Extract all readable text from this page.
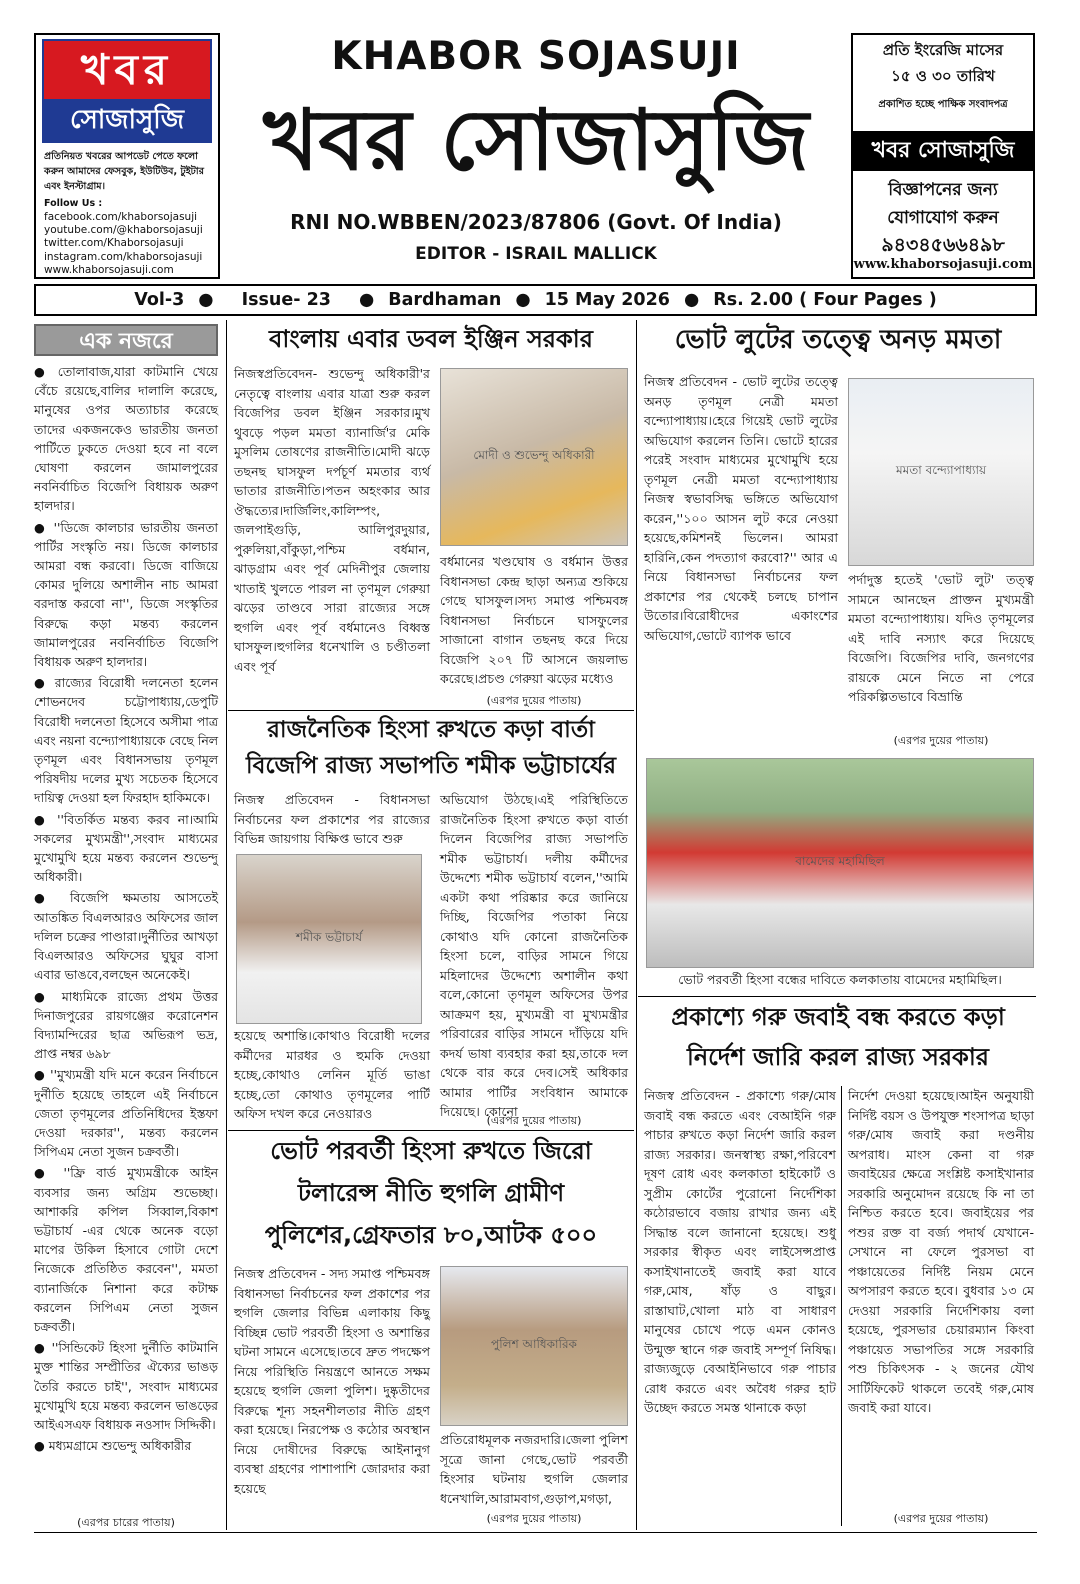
খবর
সোজাসুজি
প্রতিনিয়ত খবরের আপডেট পেতে ফলো করুন আমাদের ফেসবুক, ইউটিউব, টুইটার এবং ইনস্টাগ্রাম।
Follow Us :
facebook.com/khaborsojasuji
youtube.com/@khaborsojasuji
twitter.com/Khaborsojasuji
instagram.com/khaborsojasuji
www.khaborsojasuji.com
KHABOR SOJASUJI
খবর সোজাসুজি
RNI NO.WBBEN/2023/87806 (Govt. Of India)
EDITOR - ISRAIL MALLICK
প্রতি ইংরেজি মাসের
১৫ ও ৩০ তারিখ
প্রকাশিত হচ্ছে পাক্ষিক সংবাদপত্র
খবর সোজাসুজি
বিজ্ঞাপনের জন্য
যোগাযোগ করুন
৯৪৩৪৫৬৬৪৯৮
www.khaborsojasuji.com
Vol-3 ● Issue- 23 ● Bardhaman ● 15 May 2026 ● Rs. 2.00 ( Four Pages )
এক নজরে

● তোলাবাজ,যারা কাটমানি খেয়ে বেঁচে রয়েছে,বালির দালালি করেছে, মানুষের ওপর অত্যাচার করেছে তাদের একজনকেও ভারতীয় জনতা পার্টিতে ঢুকতে দেওয়া হবে না বলে ঘোষণা করলেন জামালপুরের নবনির্বাচিত বিজেপি বিধায়ক অরুণ হালদার।

● ''ডিজে কালচার ভারতীয় জনতা পার্টির সংস্কৃতি নয়। ডিজে কালচার আমরা বন্ধ করবো। ডিজে বাজিয়ে কোমর দুলিয়ে অশালীন নাচ আমরা বরদাস্ত করবো না'', ডিজে সংস্কৃতির বিরুদ্ধে কড়া মন্তব্য করলেন জামালপুরের নবনির্বাচিত বিজেপি বিধায়ক অরুণ হালদার।

● রাজ্যের বিরোধী দলনেতা হলেন শোভনদেব চট্টোপাধ্যায়,ডেপুটি বিরোধী দলনেতা হিসেবে অসীমা পাত্র এবং নয়না বন্দ্যোপাধ্যায়কে বেছে নিল তৃণমূল এবং বিধানসভায় তৃণমূল পরিষদীয় দলের মুখ্য সচেতক হিসেবে দায়িত্ব দেওয়া হল ফিরহাদ হাকিমকে।

● ''বিতর্কিত মন্তব্য করব না।আমি সকলের মুখ্যমন্ত্রী'',সংবাদ মাধ্যমের মুখোমুখি হয়ে মন্তব্য করলেন শুভেন্দু অধিকারী।

● বিজেপি ক্ষমতায় আসতেই আতঙ্কিত বিএলআরও অফিসের জাল দলিল চক্রের পাণ্ডারা।দুর্নীতির আখড়া বিএলআরও অফিসের ঘুঘুর বাসা এবার ভাঙবে,বলছেন অনেকেই।

● মাধ্যমিকে রাজ্যে প্রথম উত্তর দিনাজপুরের রায়গঞ্জের করোনেশন বিদ্যামন্দিরের ছাত্র অভিরূপ ভদ্র, প্রাপ্ত নম্বর ৬৯৮

● ''মুখ্যমন্ত্রী যদি মনে করেন নির্বাচনে দুর্নীতি হয়েছে তাহলে এই নির্বাচনে জেতা তৃণমূলের প্রতিনিধিদের ইস্তফা দেওয়া দরকার'', মন্তব্য করলেন সিপিএম নেতা সুজন চক্রবর্তী।

● ''ফ্রি বার্ড মুখ্যমন্ত্রীকে আইন ব্যবসার জন্য অগ্রিম শুভেচ্ছা। আশাকরি কপিল সিব্বাল,বিকাশ ভট্টাচার্য -এর থেকে অনেক বড়ো মাপের উকিল হিসাবে গোটা দেশে নিজেকে প্রতিষ্ঠিত করবেন'', মমতা ব্যানার্জিকে নিশানা করে কটাক্ষ করলেন সিপিএম নেতা সুজন চক্রবর্তী।

● ''সিন্ডিকেট হিংসা দুর্নীতি কাটমানি মুক্ত শান্তির সম্প্রীতির ঐক্যের ভাঙড় তৈরি করতে চাই'', সংবাদ মাধ্যমের মুখোমুখি হয়ে মন্তব্য করলেন ভাঙড়ের আইএসএফ বিধায়ক নওসাদ সিদ্দিকী।

● মধ্যমগ্রামে শুভেন্দু অধিকারীর

(এরপর চারের পাতায়)
বাংলায় এবার ডবল ইঞ্জিন সরকার
নিজস্বপ্রতিবেদন- শুভেন্দু অধিকারী'র নেতৃত্বে বাংলায় এবার যাত্রা শুরু করল বিজেপির ডবল ইঞ্জিন সরকার।মুখ থুবড়ে পড়ল মমতা ব্যানার্জি'র মেকি মুসলিম তোষণের রাজনীতি।মোদী ঝড়ে তছনছ ঘাসফুল দর্পচূর্ণ মমতার ব্যর্থ ভাতার রাজনীতি।পতন অহংকার আর ঔদ্ধত্যের।দার্জিলিং,কালিম্পং, জলপাইগুড়ি, আলিপুরদুয়ার, পুরুলিয়া,বাঁকুড়া,পশ্চিম বর্ধমান, ঝাড়গ্রাম এবং পূর্ব মেদিনীপুর জেলায় খাতাই খুলতে পারল না তৃণমূল গেরুয়া ঝড়ের তাণ্ডবে সারা রাজ্যের সঙ্গে হুগলি এবং পূর্ব বর্ধমানেও বিধ্বস্ত ঘাসফুল।হুগলির ধনেখালি ও চণ্ডীতলা এবং পূর্ব
মোদী ও শুভেন্দু অধিকারী
বর্ধমানের খণ্ডঘোষ ও বর্ধমান উত্তর বিধানসভা কেন্দ্র ছাড়া অন্যত্র শুকিয়ে গেছে ঘাসফুল।সদ্য সমাপ্ত পশ্চিমবঙ্গ বিধানসভা নির্বাচনে ঘাসফুলের সাজানো বাগান তছনছ করে দিয়ে বিজেপি ২০৭ টি আসনে জয়লাভ করেছে।প্রচণ্ড গেরুয়া ঝড়ের মধ্যেও
(এরপর দুয়ের পাতায়)
রাজনৈতিক হিংসা রুখতে কড়া বার্তা
বিজেপি রাজ্য সভাপতি শমীক ভট্টাচার্যের
নিজস্ব প্রতিবেদন - বিধানসভা নির্বাচনের ফল প্রকাশের পর রাজ্যের বিভিন্ন জায়গায় বিক্ষিপ্ত ভাবে শুরু
শমীক ভট্টাচার্য
হয়েছে অশান্তি।কোথাও বিরোধী দলের কর্মীদের মারধর ও হুমকি দেওয়া হচ্ছে,কোথাও লেনিন মূর্তি ভাঙা হচ্ছে,তো কোথাও তৃণমূলের পার্টি অফিস দখল করে নেওয়ারও
অভিযোগ উঠছে।এই পরিস্থিতিতে রাজনৈতিক হিংসা রুখতে কড়া বার্তা দিলেন বিজেপির রাজ্য সভাপতি শমীক ভট্টাচার্য। দলীয় কর্মীদের উদ্দেশ্যে শমীক ভট্টাচার্য বলেন,''আমি একটা কথা পরিষ্কার করে জানিয়ে দিচ্ছি, বিজেপির পতাকা নিয়ে কোথাও যদি কোনো রাজনৈতিক হিংসা চলে, বাড়ির সামনে গিয়ে মহিলাদের উদ্দেশ্যে অশালীন কথা বলে,কোনো তৃণমূল অফিসের উপর আক্রমণ হয়, মুখ্যমন্ত্রী বা মুখ্যমন্ত্রীর পরিবারের বাড়ির সামনে দাঁড়িয়ে যদি কদর্য ভাষা ব্যবহার করা হয়,তাকে দল থেকে বার করে দেব।সেই অধিকার আমার পার্টির সংবিধান আমাকে দিয়েছে। কোনো
(এরপর দুয়ের পাতায়)
ভোট পরবর্তী হিংসা রুখতে জিরো
টলারেন্স নীতি হুগলি গ্রামীণ
পুলিশের,গ্রেফতার ৮০,আটক ৫০০
নিজস্ব প্রতিবেদন - সদ্য সমাপ্ত পশ্চিমবঙ্গ বিধানসভা নির্বাচনের ফল প্রকাশের পর হুগলি জেলার বিভিন্ন এলাকায় কিছু বিচ্ছিন্ন ভোট পরবর্তী হিংসা ও অশান্তির ঘটনা সামনে এসেছে।তবে দ্রুত পদক্ষেপ নিয়ে পরিস্থিতি নিয়ন্ত্রণে আনতে সক্ষম হয়েছে হুগলি জেলা পুলিশ। দুষ্কৃতীদের বিরুদ্ধে শূন্য সহনশীলতার নীতি গ্রহণ করা হয়েছে। নিরপেক্ষ ও কঠোর অবস্থান নিয়ে দোষীদের বিরুদ্ধে আইনানুগ ব্যবস্থা গ্রহণের পাশাপাশি জোরদার করা হয়েছে
পুলিশ আধিকারিক
প্রতিরোধমূলক নজরদারি।জেলা পুলিশ সূত্রে জানা গেছে,ভোট পরবর্তী হিংসার ঘটনায় হুগলি জেলার ধনেখালি,আরামবাগ,গুড়াপ,মগড়া,
(এরপর দুয়ের পাতায়)
ভোট লুটের তত্ত্বে অনড় মমতা
নিজস্ব প্রতিবেদন - ভোট লুটের তত্ত্বে অনড় তৃণমূল নেত্রী মমতা বন্দ্যোপাধ্যায়।হেরে গিয়েই ভোট লুটের অভিযোগ করলেন তিনি। ভোটে হারের পরেই সংবাদ মাধ্যমের মুখোমুখি হয়ে তৃণমূল নেত্রী মমতা বন্দ্যোপাধ্যায় নিজস্ব স্বভাবসিদ্ধ ভঙ্গিতে অভিযোগ করেন,''১০০ আসন লুট করে নেওয়া হয়েছে,কমিশনই ভিলেন। আমরা হারিনি,কেন পদত্যাগ করবো?'' আর এ নিয়ে বিধানসভা নির্বাচনের ফল প্রকাশের পর থেকেই চলছে চাপান উতোর।বিরোধীদের একাংশের অভিযোগ,ভোটে ব্যাপক ভাবে
মমতা বন্দ্যোপাধ্যায়
পর্দাদুস্ত হতেই 'ভোট লুট' তত্ত্ব সামনে আনছেন প্রাক্তন মুখ্যমন্ত্রী মমতা বন্দ্যোপাধ্যায়। যদিও তৃণমূলের এই দাবি নস্যাৎ করে দিয়েছে বিজেপি। বিজেপির দাবি, জনগণের রায়কে মেনে নিতে না পেরে পরিকল্পিতভাবে বিভ্রান্তি
(এরপর দুয়ের পাতায়)
বামেদের মহামিছিল
ভোট পরবর্তী হিংসা বন্ধের দাবিতে কলকাতায় বামেদের মহামিছিল।
প্রকাশ্যে গরু জবাই বন্ধ করতে কড়া
নির্দেশ জারি করল রাজ্য সরকার
নিজস্ব প্রতিবেদন - প্রকাশ্যে গরু/মোষ জবাই বন্ধ করতে এবং বেআইনি গরু পাচার রুখতে কড়া নির্দেশ জারি করল রাজ্য সরকার। জনস্বাস্থ্য রক্ষা,পরিবেশ দূষণ রোধ এবং কলকাতা হাইকোর্ট ও সুপ্রীম কোর্টের পুরোনো নির্দেশিকা কঠোরভাবে বজায় রাখার জন্য এই সিদ্ধান্ত বলে জানানো হয়েছে। শুধু সরকার স্বীকৃত এবং লাইসেন্সপ্রাপ্ত কসাইখানাতেই জবাই করা যাবে গরু,মোষ, ষাঁড় ও বাছুর।রাস্তাঘাট,খোলা মাঠ বা সাধারণ মানুষের চোখে পড়ে এমন কোনও উন্মুক্ত স্থানে গরু জবাই সম্পূর্ণ নিষিদ্ধ। রাজ্যজুড়ে বেআইনিভাবে গরু পাচার রোধ করতে এবং অবৈধ গরুর হাট উচ্ছেদ করতে সমস্ত থানাকে কড়া
নির্দেশ দেওয়া হয়েছে।আইন অনুযায়ী নির্দিষ্ট বয়স ও উপযুক্ত শংসাপত্র ছাড়া গরু/মোষ জবাই করা দণ্ডনীয় অপরাধ। মাংস কেনা বা গরু জবাইয়ের ক্ষেত্রে সংশ্লিষ্ট কসাইখানার সরকারি অনুমোদন রয়েছে কি না তা নিশ্চিত করতে হবে। জবাইয়ের পর পশুর রক্ত বা বর্জ্য পদার্থ যেখানে-সেখানে না ফেলে পুরসভা বা পঞ্চায়েতের নির্দিষ্ট নিয়ম মেনে অপসারণ করতে হবে। বুধবার ১৩ মে দেওয়া সরকারি নির্দেশিকায় বলা হয়েছে, পুরসভার চেয়ারম্যান কিংবা পঞ্চায়েত সভাপতির সঙ্গে সরকারি পশু চিকিৎসক - ২ জনের যৌথ সার্টিফিকেট থাকলে তবেই গরু,মোষ জবাই করা যাবে।
(এরপর দুয়ের পাতায়)
